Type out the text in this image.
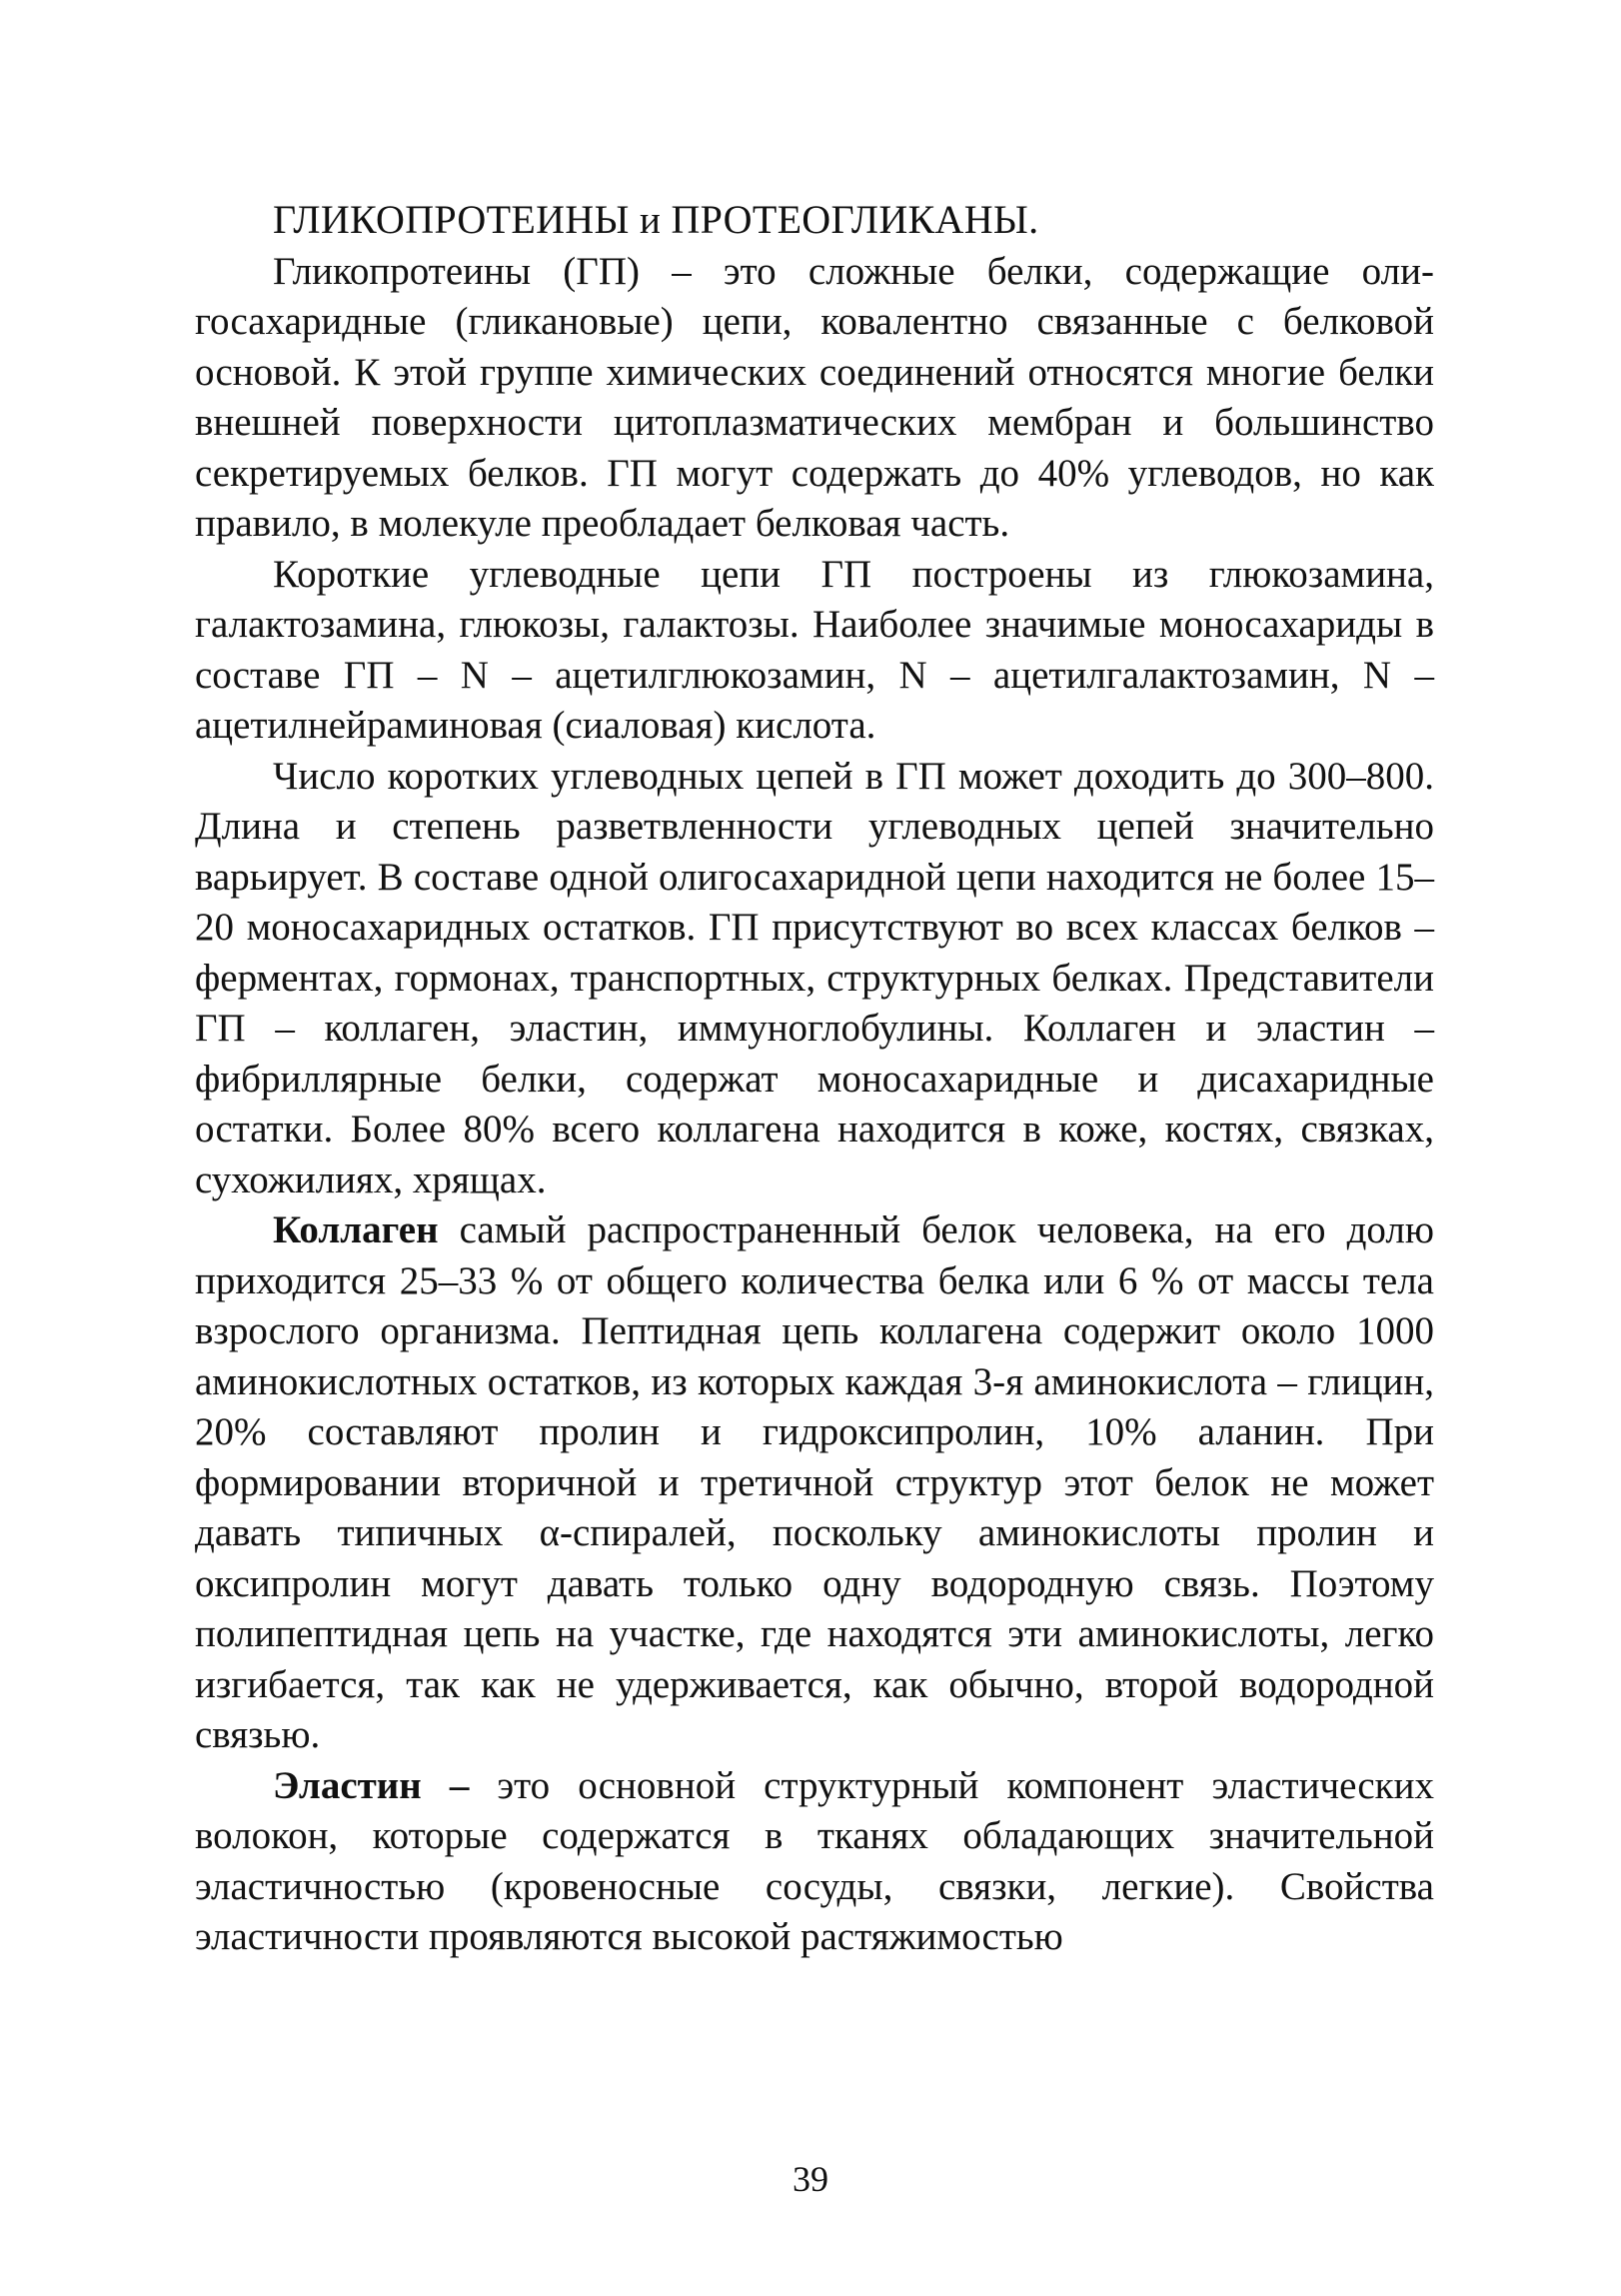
ГЛИКОПРОТЕИНЫ и ПРОТЕОГЛИКАНЫ.

Гликопротеины (ГП) – это сложные белки, содержащие олигосахаридные (гликановые) цепи, ковалентно связанные с белковой основой. К этой группе химических соединений относятся многие белки внешней поверхности цитоплазматических мембран и большинство секретируемых белков. ГП могут содержать до 40% углеводов, но как правило, в молекуле преобладает белковая часть.

Короткие углеводные цепи ГП построены из глюкозамина, галактозамина, глюкозы, галактозы. Наиболее значимые моносахариды в составе ГП – N – ацетилглюкозамин, N – ацетилгалактозамин, N – ацетилнейраминовая (сиаловая) кислота.

Число коротких углеводных цепей в ГП может доходить до 300–800. Длина и степень разветвленности углеводных цепей значительно варьирует. В составе одной олигосахаридной цепи находится не более 15–20 моносахаридных остатков. ГП присутствуют во всех классах белков – ферментах, гормонах, транспортных, структурных белках. Представители ГП – коллаген, эластин, иммуноглобулины. Коллаген и эластин – фибриллярные белки, содержат моносахаридные и дисахаридные остатки. Более 80% всего коллагена находится в коже, костях, связках, сухожилиях, хрящах.

Коллаген самый распространенный белок человека, на его долю приходится 25–33 % от общего количества белка или 6 % от массы тела взрослого организма. Пептидная цепь коллагена содержит около 1000 аминокислотных остатков, из которых каждая 3-я аминокислота – глицин, 20% составляют пролин и гидроксипролин, 10% аланин. При формировании вторичной и третичной структур этот белок не может давать типичных α-спиралей, поскольку аминокислоты пролин и оксипролин могут давать только одну водородную связь. Поэтому полипептидная цепь на участке, где находятся эти аминокислоты, легко изгибается, так как не удерживается, как обычно, второй водородной связью.

Эластин – это основной структурный компонент эластических волокон, которые содержатся в тканях обладающих значительной эластичностью (кровеносные сосуды, связки, легкие). Свойства эластичности проявляются высокой растяжимостью

39
